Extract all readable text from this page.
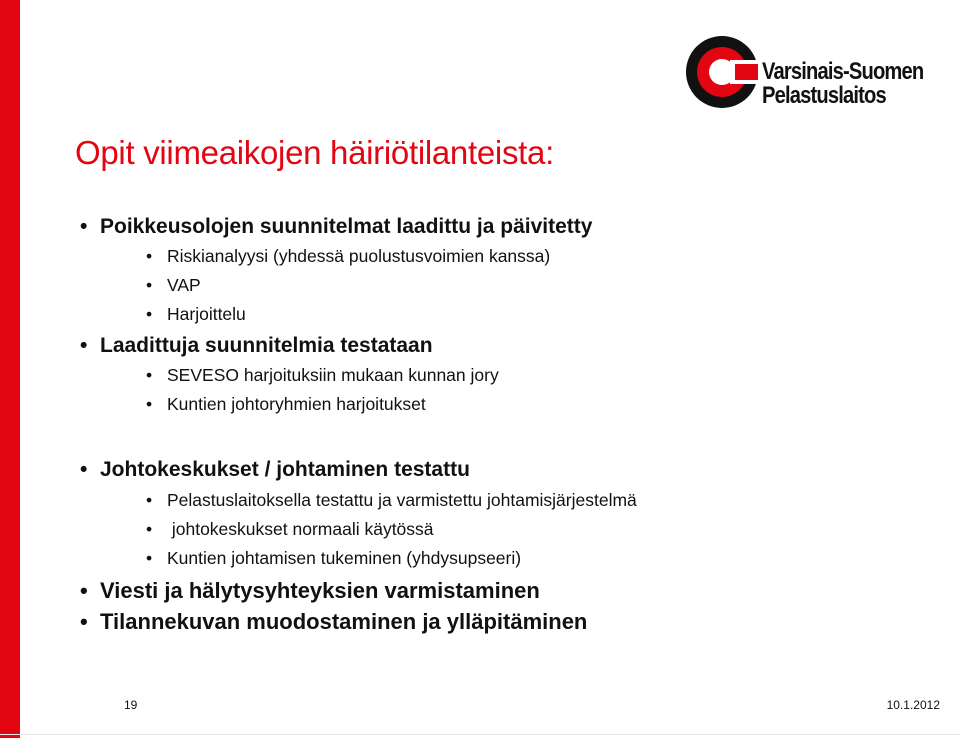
Varsinais-Suomen
Pelastuslaitos
Opit viimeaikojen häiriötilanteista:
• Poikkeusolojen suunnitelmat laadittu ja päivitetty
• Riskianalyysi (yhdessä puolustusvoimien kanssa)
• VAP
• Harjoittelu
• Laadittuja suunnitelmia testataan
• SEVESO harjoituksiin mukaan kunnan jory
• Kuntien johtoryhmien harjoitukset
• Johtokeskukset / johtaminen testattu
• Pelastuslaitoksella testattu ja varmistettu johtamisjärjestelmä
• johtokeskukset normaali käytössä
• Kuntien johtamisen tukeminen (yhdysupseeri)
• Viesti ja hälytysyhteyksien varmistaminen
• Tilannekuvan muodostaminen ja ylläpitäminen
19	10.1.2012
